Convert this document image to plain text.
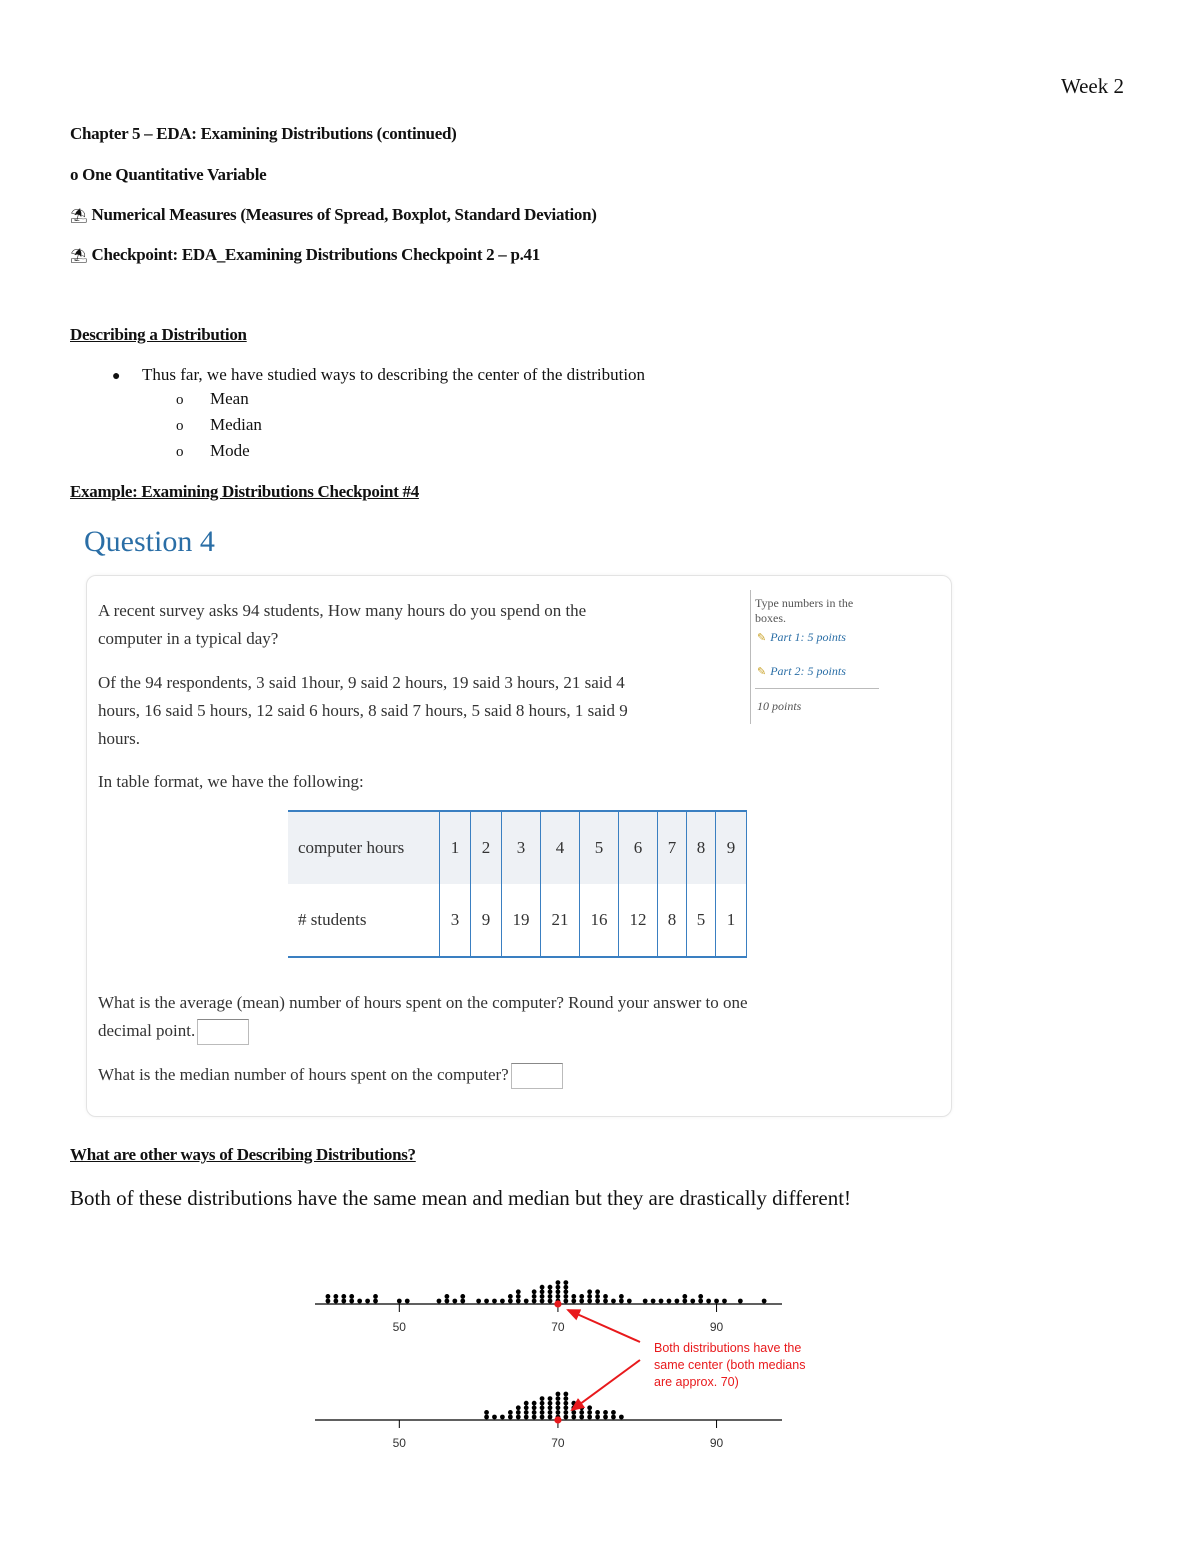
Week 2
Chapter 5 – EDA: Examining Distributions (continued)
o One Quantitative Variable
⛱ Numerical Measures (Measures of Spread, Boxplot, Standard Deviation)
⛱ Checkpoint: EDA_Examining Distributions Checkpoint 2 – p.41
Describing a Distribution
● Thus far, we have studied ways to describing the center of the distribution
o Mean
o Median
o Mode
Example: Examining Distributions Checkpoint #4
Question 4
A recent survey asks 94 students, How many hours do you spend on the
computer in a typical day?
Of the 94 respondents, 3 said 1hour, 9 said 2 hours, 19 said 3 hours, 21 said 4
hours, 16 said 5 hours, 12 said 6 hours, 8 said 7 hours, 5 said 8 hours, 1 said 9
hours.
In table format, we have the following:
Type numbers in the boxes.
✎ Part 1: 5 points
✎ Part 2: 5 points
10 points
computer hours	1	2	3	4	5	6	7	8	9
# students	3	9	19	21	16	12	8	5	1
What is the average (mean) number of hours spent on the computer? Round your answer to one
decimal point.
What is the median number of hours spent on the computer?
What are other ways of Describing Distributions?
Both of these distributions have the same mean and median but they are drastically different!
50	70	90
50	70	90
Both distributions have the
same center (both medians
are approx. 70)
